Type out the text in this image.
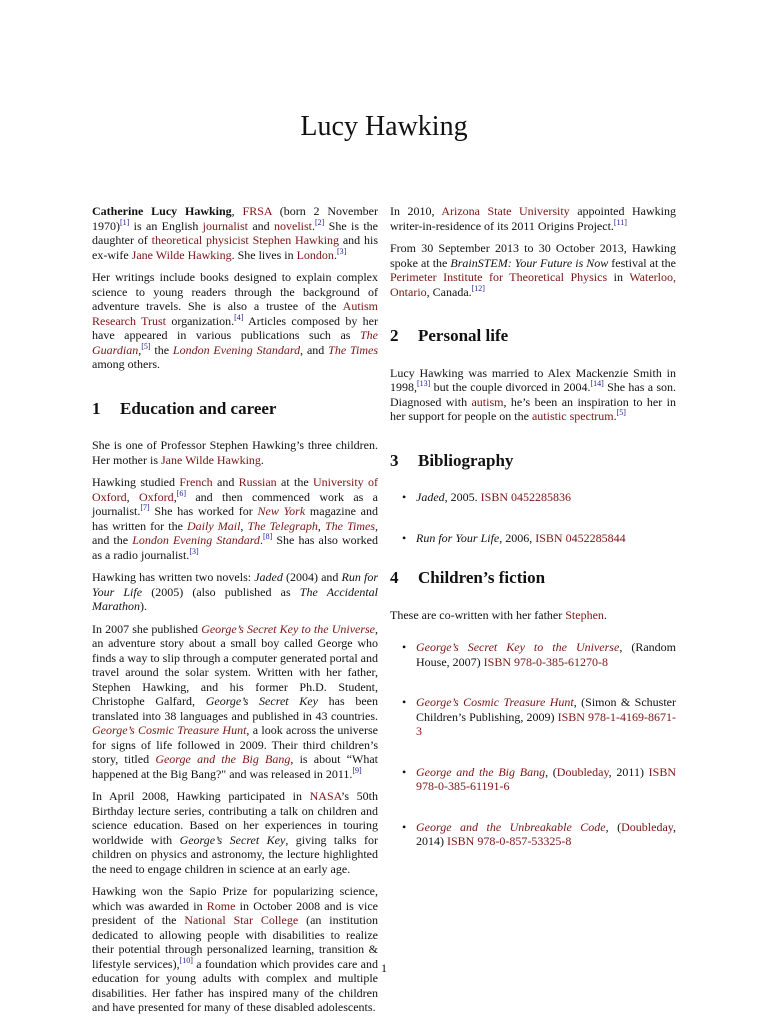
Lucy Hawking

Catherine Lucy Hawking, FRSA (born 2 November 1970)[1] is an English journalist and novelist.[2] She is the daughter of theoretical physicist Stephen Hawking and his ex-wife Jane Wilde Hawking. She lives in London.[3]

Her writings include books designed to explain complex science to young readers through the background of adventure travels. She is also a trustee of the Autism Research Trust organization.[4] Articles composed by her have appeared in various publications such as The Guardian,[5] the London Evening Standard, and The Times among others.

1 Education and career

She is one of Professor Stephen Hawking’s three children. Her mother is Jane Wilde Hawking.

Hawking studied French and Russian at the University of Oxford, Oxford,[6] and then commenced work as a journalist.[7] She has worked for New York magazine and has written for the Daily Mail, The Telegraph, The Times, and the London Evening Standard.[8] She has also worked as a radio journalist.[3]

Hawking has written two novels: Jaded (2004) and Run for Your Life (2005) (also published as The Accidental Marathon).

In 2007 she published George’s Secret Key to the Universe, an adventure story about a small boy called George who finds a way to slip through a computer generated portal and travel around the solar system. Written with her father, Stephen Hawking, and his former Ph.D. Student, Christophe Galfard, George’s Secret Key has been translated into 38 languages and published in 43 countries. George’s Cosmic Treasure Hunt, a look across the universe for signs of life followed in 2009. Their third children’s story, titled George and the Big Bang, is about “What happened at the Big Bang?" and was released in 2011.[9]

In April 2008, Hawking participated in NASA’s 50th Birthday lecture series, contributing a talk on children and science education. Based on her experiences in touring worldwide with George’s Secret Key, giving talks for children on physics and astronomy, the lecture highlighted the need to engage children in science at an early age.

Hawking won the Sapio Prize for popularizing science, which was awarded in Rome in October 2008 and is vice president of the National Star College (an institution dedicated to allowing people with disabilities to realize their potential through personalized learning, transition & lifestyle services),[10] a foundation which provides care and education for young adults with complex and multiple disabilities. Her father has inspired many of the children and have presented for many of these disabled adolescents.

In 2010, Arizona State University appointed Hawking writer-in-residence of its 2011 Origins Project.[11]

From 30 September 2013 to 30 October 2013, Hawking spoke at the BrainSTEM: Your Future is Now festival at the Perimeter Institute for Theoretical Physics in Waterloo, Ontario, Canada.[12]

2 Personal life

Lucy Hawking was married to Alex Mackenzie Smith in 1998,[13] but the couple divorced in 2004.[14] She has a son. Diagnosed with autism, he’s been an inspiration to her in her support for people on the autistic spectrum.[5]

3 Bibliography
• Jaded, 2005. ISBN 0452285836
• Run for Your Life, 2006, ISBN 0452285844
4 Children’s fiction

These are co-written with her father Stephen.

• George’s Secret Key to the Universe, (Random House, 2007) ISBN 978-0-385-61270-8
• George’s Cosmic Treasure Hunt, (Simon & Schuster Children’s Publishing, 2009) ISBN 978-1-4169-8671-3
• George and the Big Bang, (Doubleday, 2011) ISBN 978-0-385-61191-6
• George and the Unbreakable Code, (Doubleday, 2014) ISBN 978-0-857-53325-8
1
